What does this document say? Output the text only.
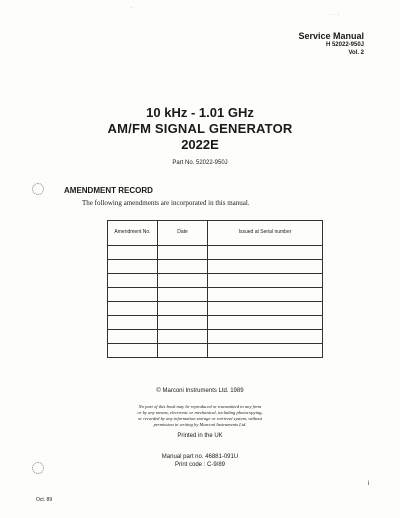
Service Manual
H 52022-950J
Vol. 2
10 kHz - 1.01 GHz
AM/FM SIGNAL GENERATOR
2022E
Part No. 52022-950J
AMENDMENT RECORD
The following amendments are incorporated in this manual.
Amendment No.	Date	Issued at Serial number

© Marconi Instruments Ltd. 1989
No part of this book may be reproduced or transmitted in any form
or by any means, electronic or mechanical, including photocopying,
or recorded by any information storage or retrieval system, without
permission in writing by Marconi Instruments Ltd.
Printed in the UK
Manual part no. 46881-091U
Print code : C-9/89
Oct. 89
i
· · ·
·
